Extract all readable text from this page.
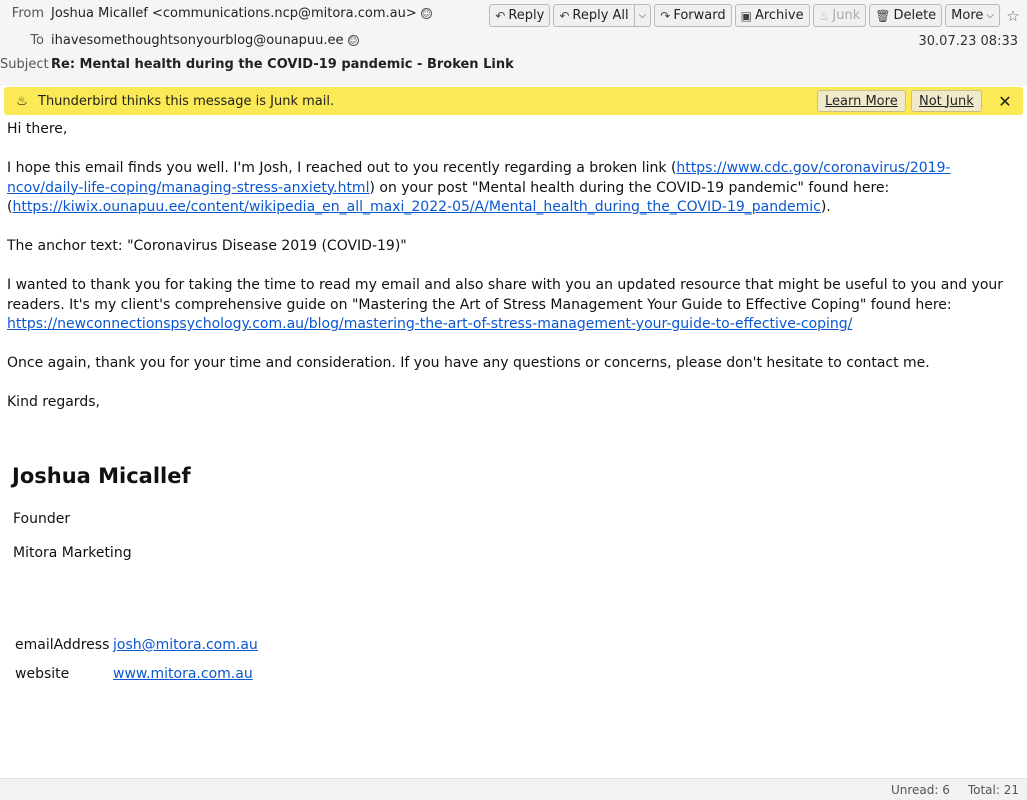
From Joshua Micallef <communications.ncp@mitora.com.au> ☺
To ihavesomethoughtsonyourblog@ounapuu.ee ☺
Subject Re: Mental health during the COVID-19 pandemic - Broken Link
↶ Reply ↶ Reply All ⌵ ↷ Forward ▣ Archive ♨ Junk 🗑 Delete More ⌵ ☆
30.07.23 08:33
♨ Thunderbird thinks this message is Junk mail.	Learn More	Not Junk	✕

Hi there,

I hope this email finds you well. I'm Josh, I reached out to you recently regarding a broken link (https://www.cdc.gov/coronavirus/2019-ncov/daily-life-coping/managing-stress-anxiety.html) on your post "Mental health during the COVID-19 pandemic" found here: (https://kiwix.ounapuu.ee/content/wikipedia_en_all_maxi_2022-05/A/Mental_health_during_the_COVID-19_pandemic).

The anchor text: "Coronavirus Disease 2019 (COVID-19)"

I wanted to thank you for taking the time to read my email and also share with you an updated resource that might be useful to you and your readers. It's my client's comprehensive guide on "Mastering the Art of Stress Management Your Guide to Effective Coping" found here: https://newconnectionspsychology.com.au/blog/mastering-the-art-of-stress-management-your-guide-to-effective-coping/

Once again, thank you for your time and consideration. If you have any questions or concerns, please don't hesitate to contact me.

Kind regards,

Joshua Micallef
Founder
Mitora Marketing
emailAddress josh@mitora.com.au
website	www.mitora.com.au
Unread: 6 Total: 21
